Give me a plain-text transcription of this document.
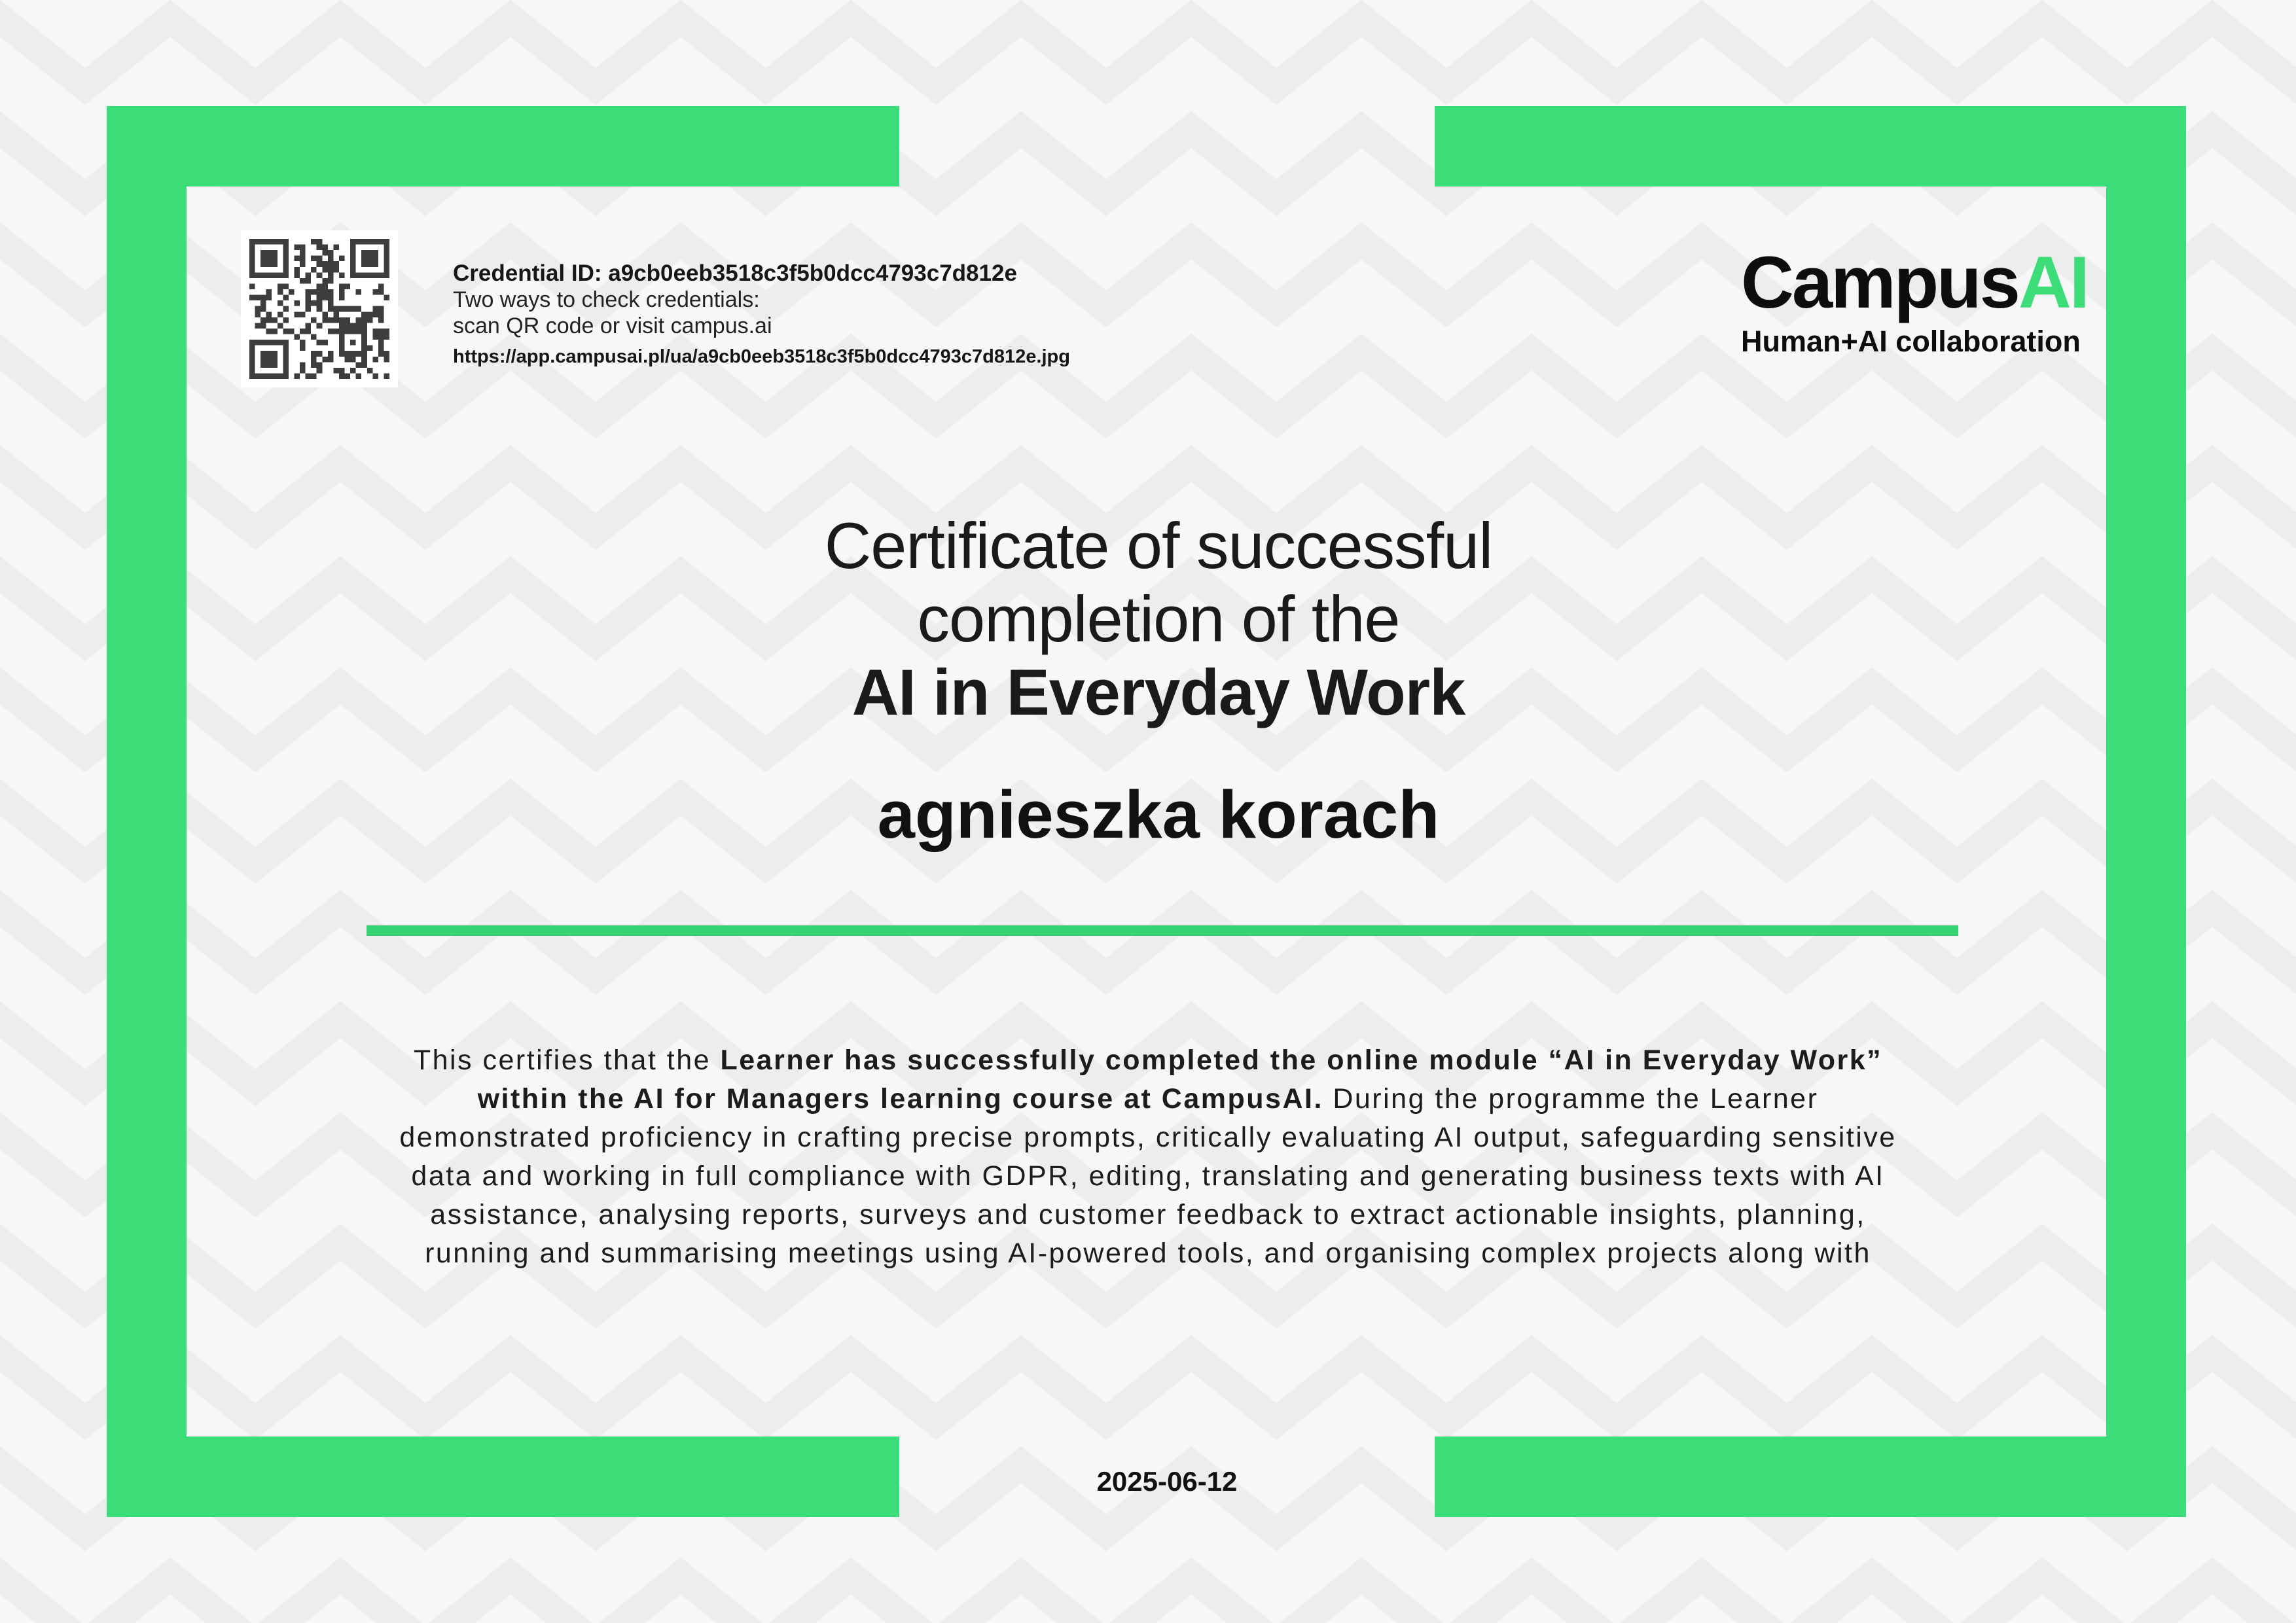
Credential ID: a9cb0eeb3518c3f5b0dcc4793c7d812e
Two ways to check credentials:
scan QR code or visit campus.ai
https://app.campusai.pl/ua/a9cb0eeb3518c3f5b0dcc4793c7d812e.jpg
CampusAI
Human+AI collaboration
Certificate of successful
completion of the
AI in Everyday Work
agnieszka korach

This certifies that the Learner has successfully completed the online module “AI in Everyday Work” within the AI for Managers learning course at CampusAI. During the programme the Learner demonstrated proficiency in crafting precise prompts, critically evaluating AI output, safeguarding sensitive data and working in full compliance with GDPR, editing, translating and generating business texts with AI assistance, analysing reports, surveys and customer feedback to extract actionable insights, planning, running and summarising meetings using AI-powered tools, and organising complex projects along with

2025-06-12
